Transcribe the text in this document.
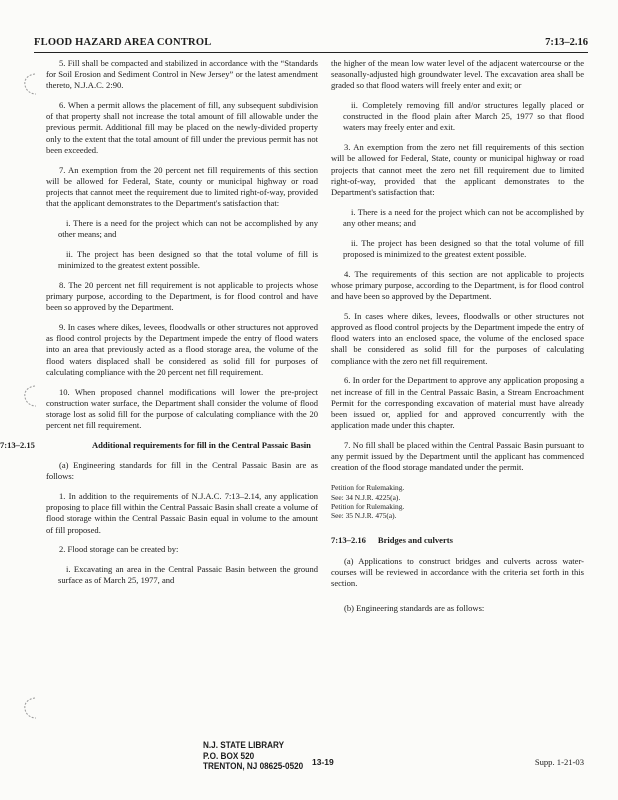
FLOOD HAZARD AREA CONTROL	7:13–2.16

5. Fill shall be compacted and stabilized in accordance with the “Standards for Soil Erosion and Sediment Control in New Jersey” or the latest amendment thereto, N.J.A.C. 2:90.

6. When a permit allows the placement of fill, any subsequent subdivision of that property shall not increase the total amount of fill allowable under the previous permit. Additional fill may be placed on the newly-divided property only to the extent that the total amount of fill under the previous permit has not been exceeded.

7. An exemption from the 20 percent net fill requirements of this section will be allowed for Federal, State, county or municipal highway or road projects that cannot meet the requirement due to limited right-of-way, provided that the applicant demonstrates to the Department's satisfaction that:

i. There is a need for the project which can not be accomplished by any other means; and

ii. The project has been designed so that the total volume of fill is minimized to the greatest extent possible.

8. The 20 percent net fill requirement is not applicable to projects whose primary purpose, according to the Department, is for flood control and have been so approved by the Department.

9. In cases where dikes, levees, floodwalls or other structures not approved as flood control projects by the Department impede the entry of flood waters into an area that previously acted as a flood storage area, the volume of the flood waters displaced shall be considered as solid fill for purposes of calculating compliance with the 20 percent net fill requirement.

10. When proposed channel modifications will lower the pre-project construction water surface, the Department shall consider the volume of flood storage lost as solid fill for the purpose of calculating compliance with the 20 percent net fill requirement.

7:13–2.15	Additional requirements for fill in the Central Passaic Basin

(a) Engineering standards for fill in the Central Passaic Basin are as follows:

1. In addition to the requirements of N.J.A.C. 7:13–2.14, any application proposing to place fill within the Central Passaic Basin shall create a volume of flood storage within the Central Passaic Basin equal in volume to the amount of fill proposed.

2. Flood storage can be created by:

i. Excavating an area in the Central Passaic Basin between the ground surface as of March 25, 1977, and

the higher of the mean low water level of the adjacent watercourse or the seasonally-adjusted high groundwater level. The excavation area shall be graded so that flood waters will freely enter and exit; or

ii. Completely removing fill and/or structures legally placed or constructed in the flood plain after March 25, 1977 so that flood waters may freely enter and exit.

3. An exemption from the zero net fill requirements of this section will be allowed for Federal, State, county or municipal highway or road projects that cannot meet the zero net fill requirement due to limited right-of-way, provided that the applicant demonstrates to the Department's satisfaction that:

i. There is a need for the project which can not be accomplished by any other means; and

ii. The project has been designed so that the total volume of fill proposed is minimized to the greatest extent possible.

4. The requirements of this section are not applicable to projects whose primary purpose, according to the Department, is for flood control and have been so approved by the Department.

5. In cases where dikes, levees, floodwalls or other structures not approved as flood control projects by the Department impede the entry of flood waters into an enclosed space, the volume of the enclosed space shall be considered as solid fill for the purposes of calculating compliance with the zero net fill requirement.

6. In order for the Department to approve any application proposing a net increase of fill in the Central Passaic Basin, a Stream Encroachment Permit for the corresponding excavation of material must have already been issued or, applied for and approved concurrently with the application made under this chapter.

7. No fill shall be placed within the Central Passaic Basin pursuant to any permit issued by the Department until the applicant has commenced creation of the flood storage mandated under the permit.

Petition for Rulemaking.
See: 34 N.J.R. 4225(a).
Petition for Rulemaking.
See: 35 N.J.R. 475(a).
7:13–2.16 Bridges and culverts

(a) Applications to construct bridges and culverts across water-courses will be reviewed in accordance with the criteria set forth in this section.

(b) Engineering standards are as follows:

N.J. STATE LIBRARY
P.O. BOX 520
TRENTON, NJ 08625-0520 13-19	Supp. 1-21-03
